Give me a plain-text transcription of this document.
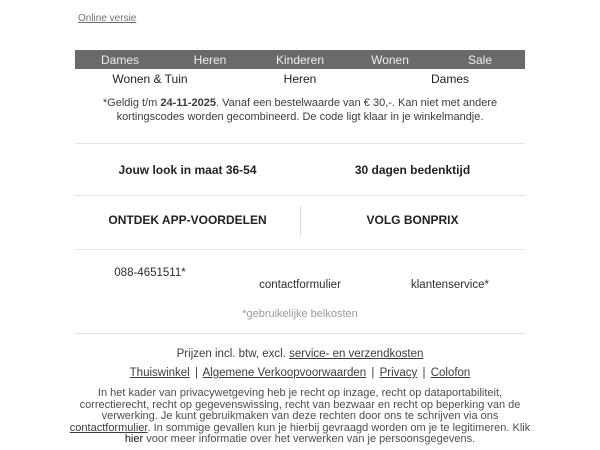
Online versie
Dames	Heren	Kinderen	Wonen	Sale
Wonen & Tuin	Heren	Dames

*Geldig t/m 24-11-2025. Vanaf een bestelwaarde van € 30,-. Kan niet met andere kortingscodes worden gecombineerd. De code ligt klaar in je winkelmandje.

Jouw look in maat 36-54	30 dagen bedenktijd
ONTDEK APP-VOORDELEN	VOLG BONPRIX
088-4651511*
contactformulier	klantenservice*
*gebruikelijke belkosten
Prijzen incl. btw, excl. service- en verzendkosten
Thuiswinkel | Algemene Verkoopvoorwaarden | Privacy | Colofon

In het kader van privacywetgeving heb je recht op inzage, recht op dataportabiliteit, correctierecht, recht op gegevenswissing, recht van bezwaar en recht op beperking van de verwerking. Je kunt gebruikmaken van deze rechten door ons te schrijven via ons contactformulier. In sommige gevallen kun je hierbij gevraagd worden om je te legitimeren. Klik hier voor meer informatie over het verwerken van je persoonsgegevens.
